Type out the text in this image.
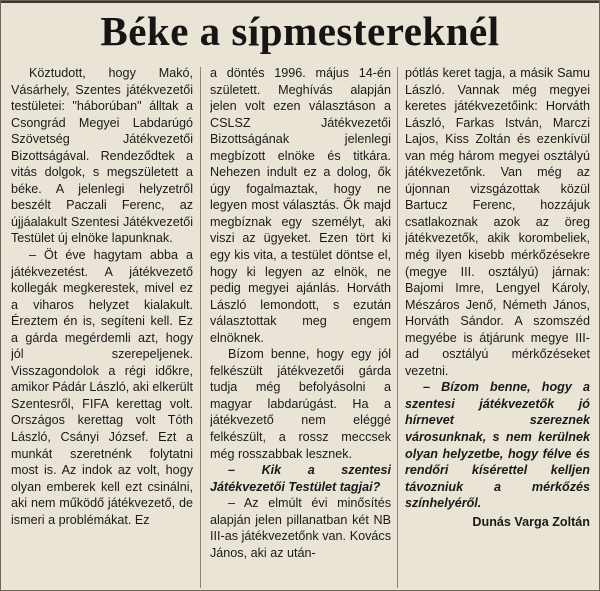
Béke a sípmestereknél

Köztudott, hogy Makó, Vásárhely, Szentes játékvezetői testületei: "háborúban" álltak a Csongrád Megyei Labdarúgó Szövetség Játékvezetői Bizottságával. Rendeződtek a vitás dolgok, s megszületett a béke. A jelenlegi helyzetről beszélt Paczali Ferenc, az újjáalakult Szentesi Játékvezetői Testület új elnöke lapunknak.

– Öt éve hagytam abba a játékvezetést. A játékvezető kollegák megkerestek, mivel ez a viharos helyzet kialakult. Éreztem én is, segíteni kell. Ez a gárda megérdemli azt, hogy jól szerepeljenek. Visszagondolok a régi időkre, amikor Pádár László, aki elkerült Szentesről, FIFA kerettag volt. Országos kerettag volt Tóth László, Csányi József. Ezt a munkát szeretnénk folytatni most is. Az indok az volt, hogy olyan emberek kell ezt csinálni, aki nem működő játékvezető, de ismeri a problémákat. Ez

a döntés 1996. május 14-én született. Meghívás alapján jelen volt ezen választáson a CSLSZ Játékvezetői Bizottságának jelenlegi megbízott elnöke és titkára. Nehezen indult ez a dolog, ők úgy fogalmaztak, hogy ne legyen most választás. Ők majd megbíznak egy személyt, aki viszi az ügyeket. Ezen tört ki egy kis vita, a testület döntse el, hogy ki legyen az elnök, ne pedig megyei ajánlás. Horváth László lemondott, s ezután választottak meg engem elnöknek.

Bízom benne, hogy egy jól felkészült játékvezetői gárda tudja még befolyásolni a magyar labdarúgást. Ha a játékvezető nem eléggé felkészült, a rossz meccsek még rosszabbak lesznek.

– Kik a szentesi Játékvezetői Testület tagjai?

– Az elmúlt évi minősítés alapján jelen pillanatban két NB III-as játékvezetőnk van. Kovács János, aki az után-

pótlás keret tagja, a másik Samu László. Vannak még megyei keretes játékvezetőink: Horváth László, Farkas István, Marczi Lajos, Kiss Zoltán és ezenkívül van még három megyei osztályú játékvezetőnk. Van még az újonnan vizsgázottak közül Bartucz Ferenc, hozzájuk csatlakoznak azok az öreg játékvezetők, akik korombeliek, még ilyen kisebb mérkőzésekre (megye III. osztályú) járnak: Bajomi Imre, Lengyel Károly, Mészáros Jenő, Németh János, Horváth Sándor. A szomszéd megyébe is átjárunk megye III-ad osztályú mérkőzéseket vezetni.

– Bízom benne, hogy a szentesi játékvezetők jó hírnevet szereznek városunknak, s nem kerülnek olyan helyzetbe, hogy félve és rendőri kísérettel kelljen távozniuk a mérkőzés színhelyéről.

Dunás Varga Zoltán
